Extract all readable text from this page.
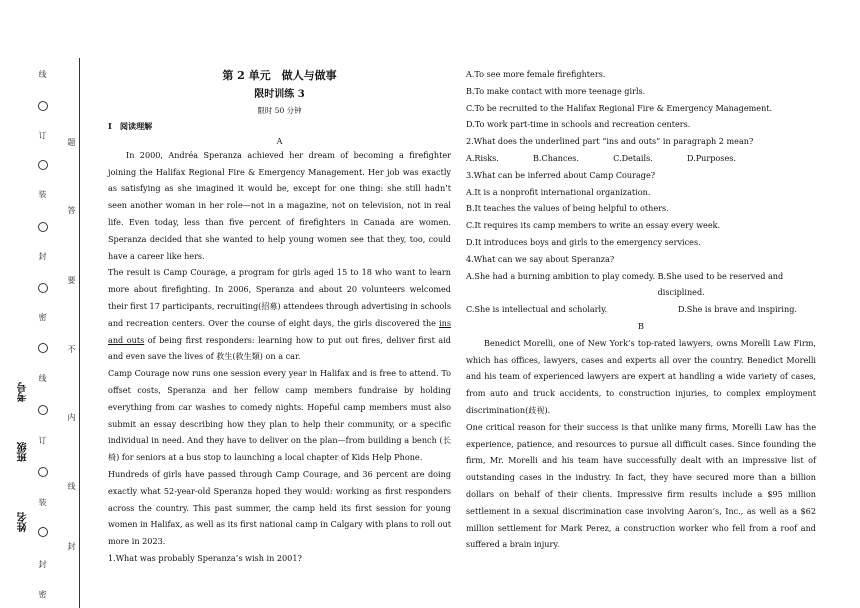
线
订
装
封
密
线
订
装
封
密
题
答
要
不
内
线
封
考号
班级
姓名
第 2 单元　做人与做事
限时训练 3
限时 50 分钟
Ⅰ　阅读理解
A

In 2000, Andréa Speranza achieved her dream of becoming a firefighter joining the Halifax Regional Fire & Emergency Management. Her job was exactly as satisfying as she imagined it would be, except for one thing: she still hadn’t seen another woman in her role—not in a magazine, not on television, not in real life. Even today, less than five percent of firefighters in Canada are women. Speranza decided that she wanted to help young women see that they, too, could have a career like hers.

The result is Camp Courage, a program for girls aged 15 to 18 who want to learn more about firefighting. In 2006, Speranza and about 20 volunteers welcomed their first 17 participants, recruiting(招募) attendees through advertising in schools and recreation centers. Over the course of eight days, the girls discovered the ins and outs of being first responders: learning how to put out fires, deliver first aid and even save the lives of 救生(救生類) on a car.

Camp Courage now runs one session every year in Halifax and is free to attend. To offset costs, Speranza and her fellow camp members fundraise by holding everything from car washes to comedy nights. Hopeful camp members must also submit an essay describing how they plan to help their community, or a specific individual in need. And they have to deliver on the plan—from building a bench (长椅) for seniors at a bus stop to launching a local chapter of Kids Help Phone.

Hundreds of girls have passed through Camp Courage, and 36 percent are doing exactly what 52-year-old Speranza hoped they would: working as first responders across the country. This past summer, the camp held its first session for young women in Halifax, as well as its first national camp in Calgary with plans to roll out more in 2023.

1.What was probably Speranza’s wish in 2001?

A.To see more female firefighters.

B.To make contact with more teenage girls.

C.To be recruited to the Halifax Regional Fire & Emergency Management.

D.To work part-time in schools and recreation centers.

2.What does the underlined part “ins and outs” in paragraph 2 mean?

A.Risks.	B.Chances.	C.Details.	D.Purposes.

3.What can be inferred about Camp Courage?

A.It is a nonprofit international organization.

B.It teaches the values of being helpful to others.

C.It requires its camp members to write an essay every week.

D.It introduces boys and girls to the emergency services.

4.What can we say about Speranza?

A.She had a burning ambition to play comedy. B.She used to be reserved and disciplined.

C.She is intellectual and scholarly.	D.She is brave and inspiring.

B

Benedict Morelli, one of New York’s top-rated lawyers, owns Morelli Law Firm, which has offices, lawyers, cases and experts all over the country. Benedict Morelli and his team of experienced lawyers are expert at handling a wide variety of cases, from auto and truck accidents, to construction injuries, to complex employment discrimination(歧视).

One critical reason for their success is that unlike many firms, Morelli Law has the experience, patience, and resources to pursue all difficult cases. Since founding the firm, Mr. Morelli and his team have successfully dealt with an impressive list of outstanding cases in the industry. In fact, they have secured more than a billion dollars on behalf of their clients. Impressive firm results include a $95 million settlement in a sexual discrimination case involving Aaron’s, Inc., as well as a $62 million settlement for Mark Perez, a construction worker who fell from a roof and suffered a brain injury.
